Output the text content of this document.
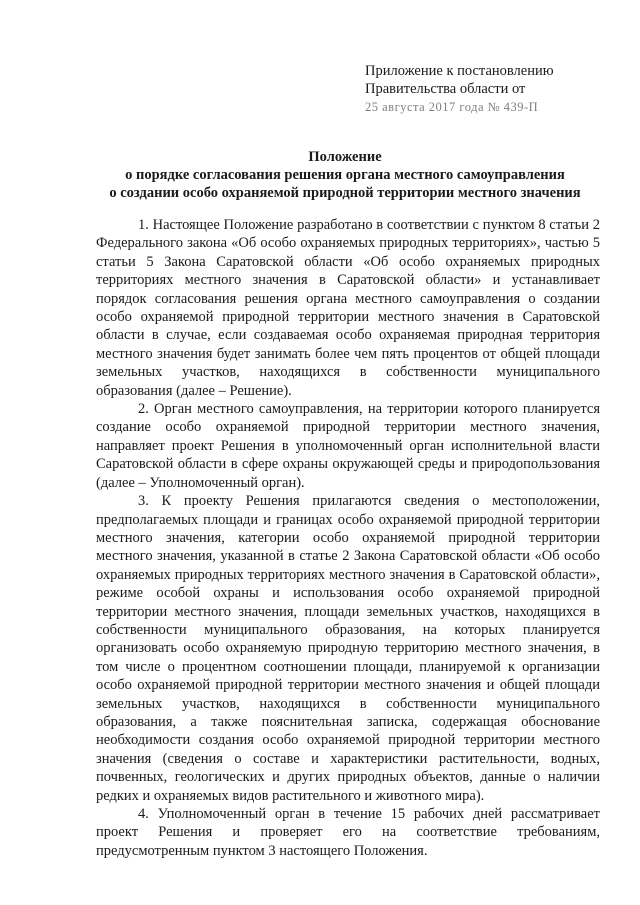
Приложение к постановлению
Правительства области от

25 августа 2017 года № 439-П
Положение
о порядке согласования решения органа местного самоуправления
о создании особо охраняемой природной территории местного значения

1. Настоящее Положение разработано в соответствии с пунктом 8 статьи 2 Федерального закона «Об особо охраняемых природных территориях», частью 5 статьи 5 Закона Саратовской области «Об особо охраняемых природных территориях местного значения в Саратовской области» и устанавливает порядок согласования решения органа местного самоуправления о создании особо охраняемой природной территории местного значения в Саратовской области в случае, если создаваемая особо охраняемая природная территория местного значения будет занимать более чем пять процентов от общей площади земельных участков, находящихся в собственности муниципального образования (далее – Решение).

2. Орган местного самоуправления, на территории которого планируется создание особо охраняемой природной территории местного значения, направляет проект Решения в уполномоченный орган исполнительной власти Саратовской области в сфере охраны окружающей среды и природопользования (далее – Уполномоченный орган).

3. К проекту Решения прилагаются сведения о местоположении, предполагаемых площади и границах особо охраняемой природной территории местного значения, категории особо охраняемой природной территории местного значения, указанной в статье 2 Закона Саратовской области «Об особо охраняемых природных территориях местного значения в Саратовской области», режиме особой охраны и использования особо охраняемой природной территории местного значения, площади земельных участков, находящихся в собственности муниципального образования, на которых планируется организовать особо охраняемую природную территорию местного значения, в том числе о процентном соотношении площади, планируемой к организации особо охраняемой природной территории местного значения и общей площади земельных участков, находящихся в собственности муниципального образования, а также пояснительная записка, содержащая обоснование необходимости создания особо охраняемой природной территории местного значения (сведения о составе и характеристики растительности, водных, почвенных, геологических и других природных объектов, данные о наличии редких и охраняемых видов растительного и животного мира).

4. Уполномоченный орган в течение 15 рабочих дней рассматривает проект Решения и проверяет его на соответствие требованиям, предусмотренным пунктом 3 настоящего Положения.
